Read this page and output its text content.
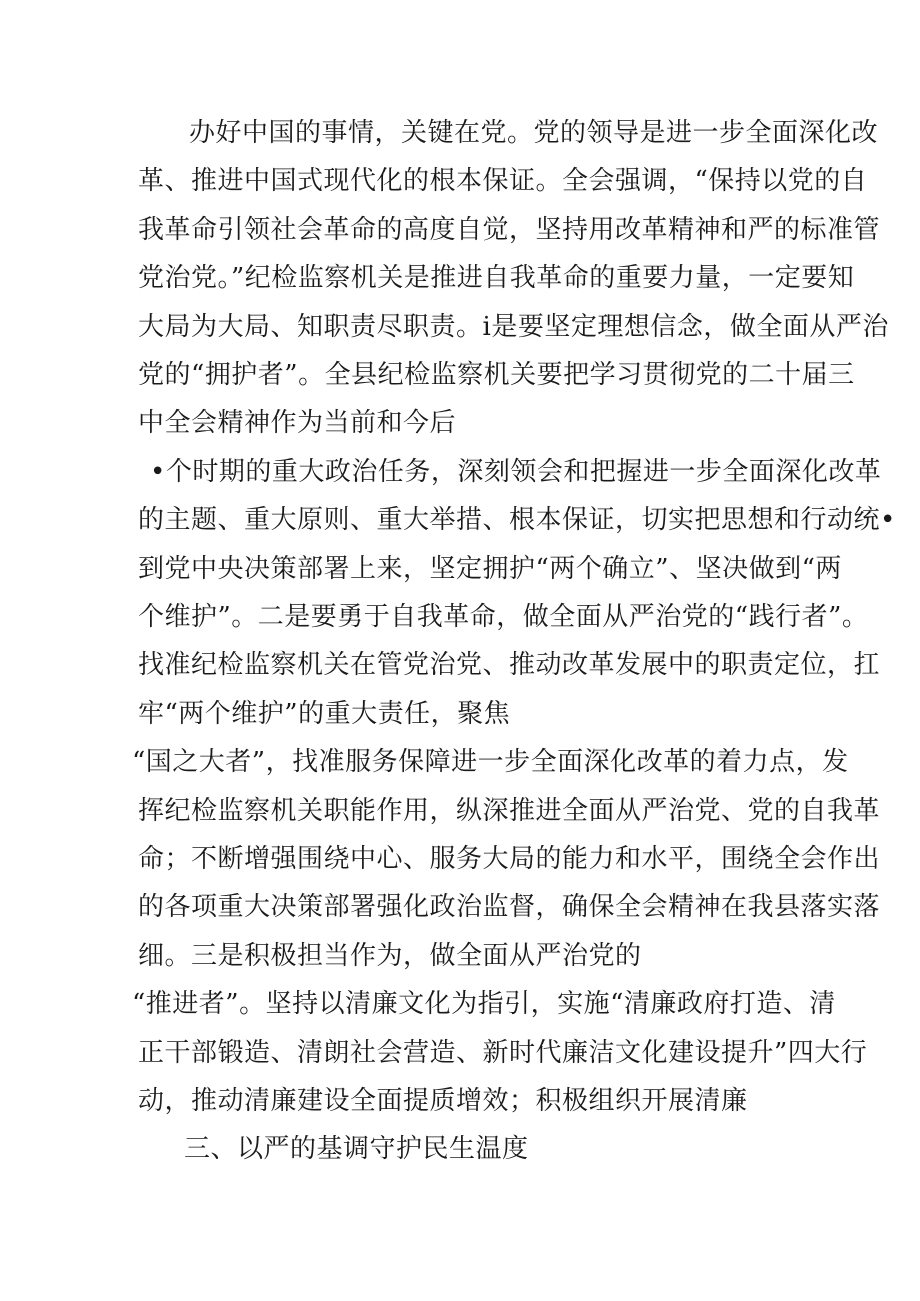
办好中国的事情，关键在党。党的领导是进一步全面深化改
革、推进中国式现代化的根本保证。全会强调，“保持以党的自
我革命引领社会革命的高度自觉，坚持用改革精神和严的标准管
党治党。”纪检监察机关是推进自我革命的重要力量，一定要知
大局为大局、知职责尽职责。i是要坚定理想信念，做全面从严治
党的“拥护者”。全县纪检监察机关要把学习贯彻党的二十届三
中全会精神作为当前和今后
•个时期的重大政治任务，深刻领会和把握进一步全面深化改革
的主题、重大原则、重大举措、根本保证，切实把思想和行动统•
到党中央决策部署上来，坚定拥护“两个确立”、坚决做到“两
个维护”。二是要勇于自我革命，做全面从严治党的“践行者”。
找准纪检监察机关在管党治党、推动改革发展中的职责定位，扛
牢“两个维护”的重大责任，聚焦
“国之大者”，找准服务保障进一步全面深化改革的着力点，发
挥纪检监察机关职能作用，纵深推进全面从严治党、党的自我革
命；不断增强围绕中心、服务大局的能力和水平，围绕全会作出
的各项重大决策部署强化政治监督，确保全会精神在我县落实落
细。三是积极担当作为，做全面从严治党的
“推进者”。坚持以清廉文化为指引，实施“清廉政府打造、清
正干部锻造、清朗社会营造、新时代廉洁文化建设提升”四大行
动，推动清廉建设全面提质增效；积极组织开展清廉
三、以严的基调守护民生温度
